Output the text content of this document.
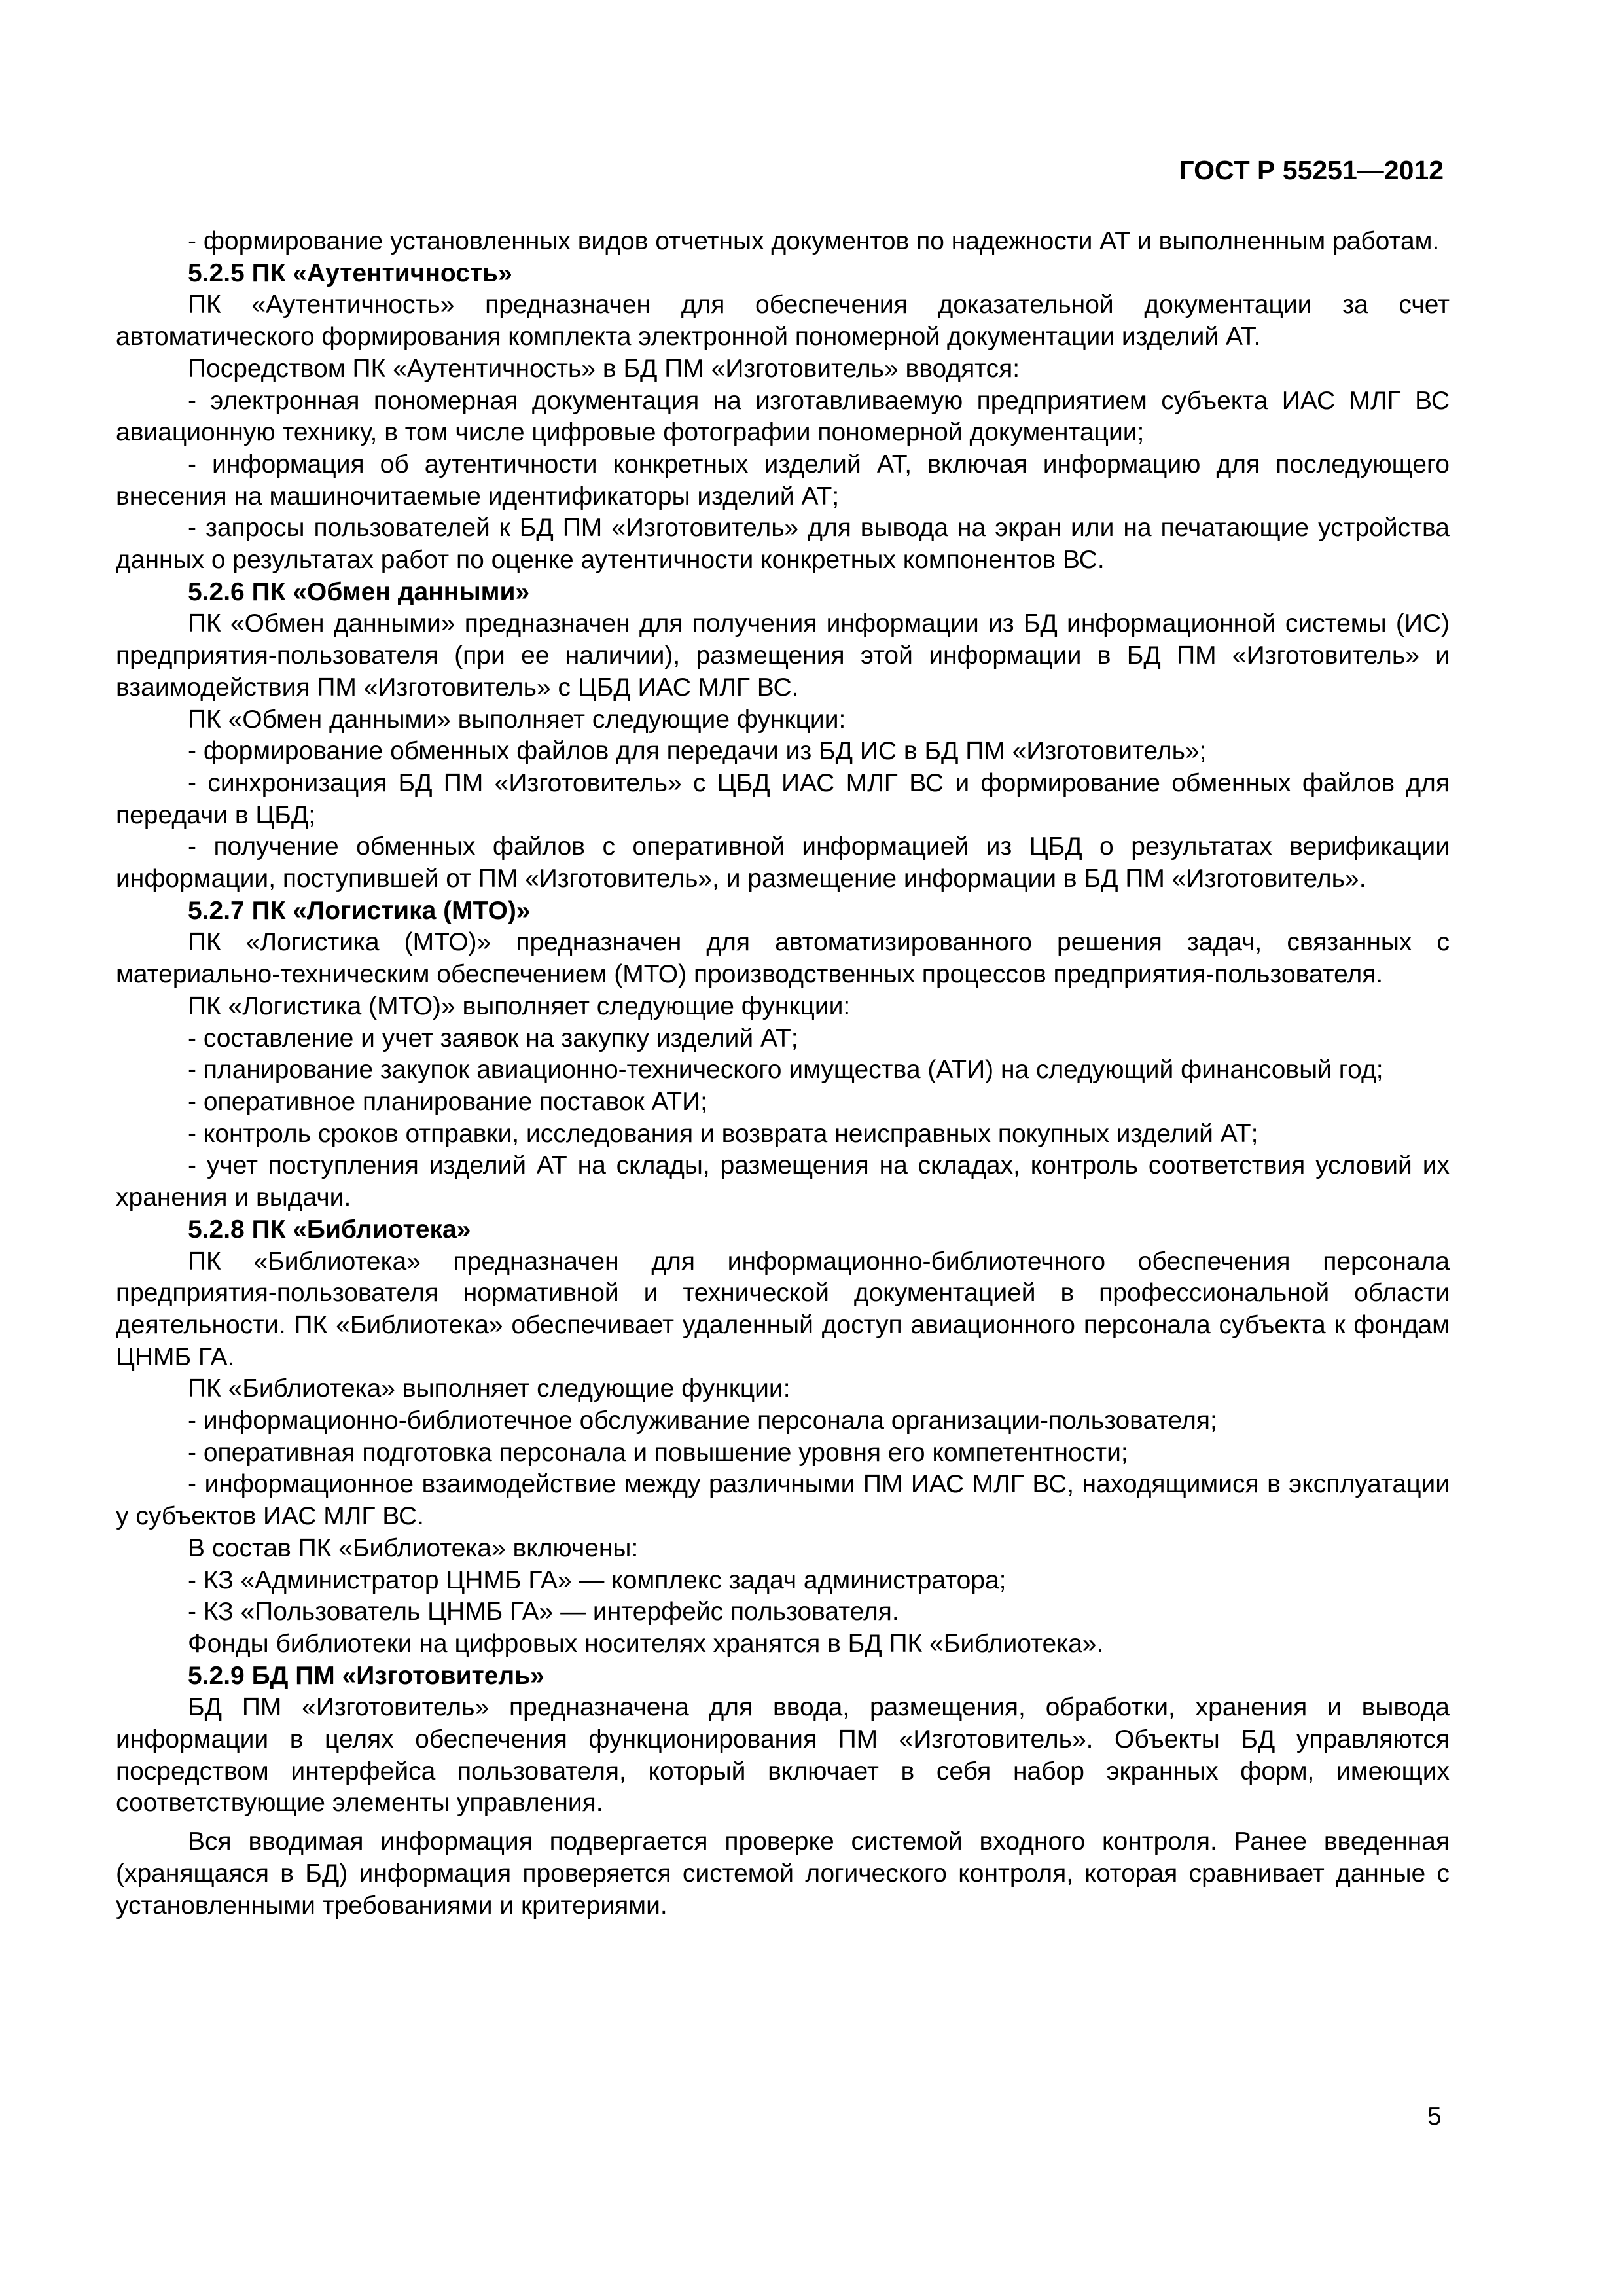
ГОСТ Р 55251—2012

- формирование установленных видов отчетных документов по надежности АТ и выполненным работам.

5.2.5 ПК «Аутентичность»

ПК «Аутентичность» предназначен для обеспечения доказательной документации за счет автоматического формирования комплекта электронной пономерной документации изделий АТ.

Посредством ПК «Аутентичность» в БД ПМ «Изготовитель» вводятся:

- электронная пономерная документация на изготавливаемую предприятием субъекта ИАС МЛГ ВС авиационную технику, в том числе цифровые фотографии пономерной документации;

- информация об аутентичности конкретных изделий АТ, включая информацию для последующего внесения на машиночитаемые идентификаторы изделий АТ;

- запросы пользователей к БД ПМ «Изготовитель» для вывода на экран или на печатающие устройства данных о результатах работ по оценке аутентичности конкретных компонентов ВС.

5.2.6 ПК «Обмен данными»

ПК «Обмен данными» предназначен для получения информации из БД информационной системы (ИС) предприятия-пользователя (при ее наличии), размещения этой информации в БД ПМ «Изготовитель» и взаимодействия ПМ «Изготовитель» с ЦБД ИАС МЛГ ВС.

ПК «Обмен данными» выполняет следующие функции:

- формирование обменных файлов для передачи из БД ИС в БД ПМ «Изготовитель»;

- синхронизация БД ПМ «Изготовитель» с ЦБД ИАС МЛГ ВС и формирование обменных файлов для передачи в ЦБД;

- получение обменных файлов с оперативной информацией из ЦБД о результатах верификации информации, поступившей от ПМ «Изготовитель», и размещение информации в БД ПМ «Изготовитель».

5.2.7 ПК «Логистика (МТО)»

ПК «Логистика (МТО)» предназначен для автоматизированного решения задач, связанных с материально-техническим обеспечением (МТО) производственных процессов предприятия-пользователя.

ПК «Логистика (МТО)» выполняет следующие функции:

- составление и учет заявок на закупку изделий АТ;

- планирование закупок авиационно-технического имущества (АТИ) на следующий финансовый год;

- оперативное планирование поставок АТИ;

- контроль сроков отправки, исследования и возврата неисправных покупных изделий АТ;

- учет поступления изделий АТ на склады, размещения на складах, контроль соответствия условий их хранения и выдачи.

5.2.8 ПК «Библиотека»

ПК «Библиотека» предназначен для информационно-библиотечного обеспечения персонала предприятия-пользователя нормативной и технической документацией в профессиональной области деятельности. ПК «Библиотека» обеспечивает удаленный доступ авиационного персонала субъекта к фондам ЦНМБ ГА.

ПК «Библиотека» выполняет следующие функции:

- информационно-библиотечное обслуживание персонала организации-пользователя;

- оперативная подготовка персонала и повышение уровня его компетентности;

- информационное взаимодействие между различными ПМ ИАС МЛГ ВС, находящимися в эксплуатации у субъектов ИАС МЛГ ВС.

В состав ПК «Библиотека» включены:

- КЗ «Администратор ЦНМБ ГА» — комплекс задач администратора;

- КЗ «Пользователь ЦНМБ ГА» — интерфейс пользователя.

Фонды библиотеки на цифровых носителях хранятся в БД ПК «Библиотека».

5.2.9 БД ПМ «Изготовитель»

БД ПМ «Изготовитель» предназначена для ввода, размещения, обработки, хранения и вывода информации в целях обеспечения функционирования ПМ «Изготовитель». Объекты БД управляются посредством интерфейса пользователя, который включает в себя набор экранных форм, имеющих соответствующие элементы управления.

Вся вводимая информация подвергается проверке системой входного контроля. Ранее введенная (хранящаяся в БД) информация проверяется системой логического контроля, которая сравнивает данные с установленными требованиями и критериями.

5
